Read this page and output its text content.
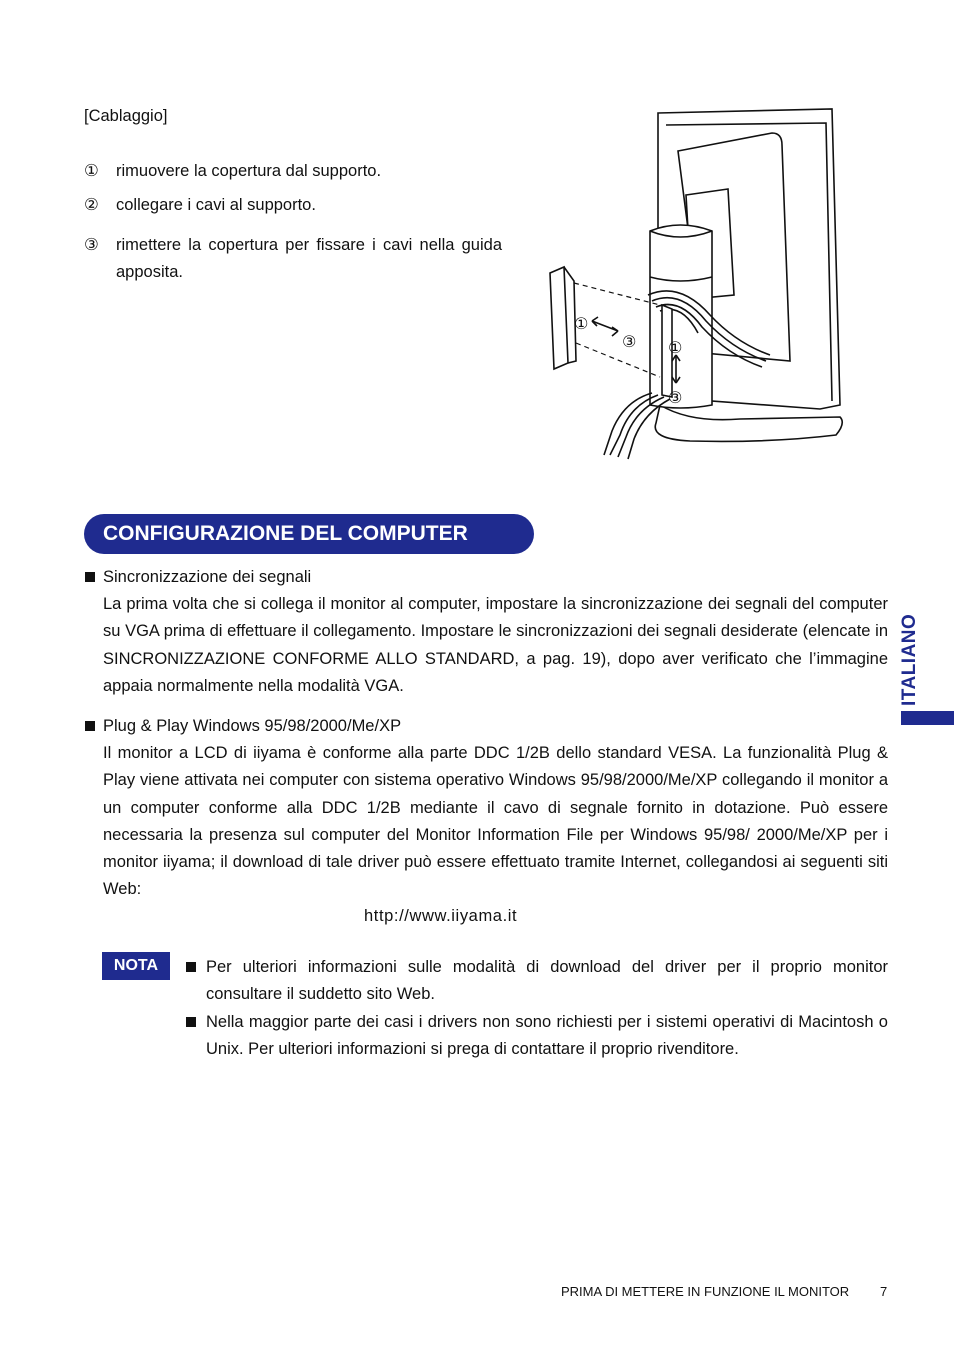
[Cablaggio]
①	rimuovere la copertura dal supporto.
②	collegare i cavi al supporto.
③	rimettere la copertura per fissare i cavi nella guida apposita.
①
③ ①
③
CONFIGURAZIONE DEL COMPUTER
Sincronizzazione dei segnali
La prima volta che si collega il monitor al computer, impostare la sincronizzazione dei segnali del computer su VGA prima di effettuare il collegamento. Impostare le sincronizzazioni dei segnali desiderate (elencate in SINCRONIZZAZIONE CONFORME ALLO STANDARD, a pag. 19), dopo aver verificato che l’immagine appaia normalmente nella modalità VGA.
Plug & Play Windows 95/98/2000/Me/XP
Il monitor a LCD di iiyama è conforme alla parte DDC 1/2B dello standard VESA. La funzionalità Plug & Play viene attivata nei computer con sistema operativo Windows 95/98/2000/Me/XP collegando il monitor a un computer conforme alla DDC 1/2B mediante il cavo di segnale fornito in dotazione. Può essere necessaria la presenza sul computer del Monitor Information File per Windows 95/98/ 2000/Me/XP per i monitor iiyama; il download di tale driver può essere effettuato tramite Internet, collegandosi ai seguenti siti Web:
http://www.iiyama.it
NOTA	Per ulteriori informazioni sulle modalità di download del driver per il proprio monitor consultare il suddetto sito Web.
Nella maggior parte dei casi i drivers non sono richiesti per i sistemi operativi di Macintosh o Unix. Per ulteriori informazioni si prega di contattare il proprio rivenditore.
ITALIANO
PRIMA DI METTERE IN FUNZIONE IL MONITOR 7
